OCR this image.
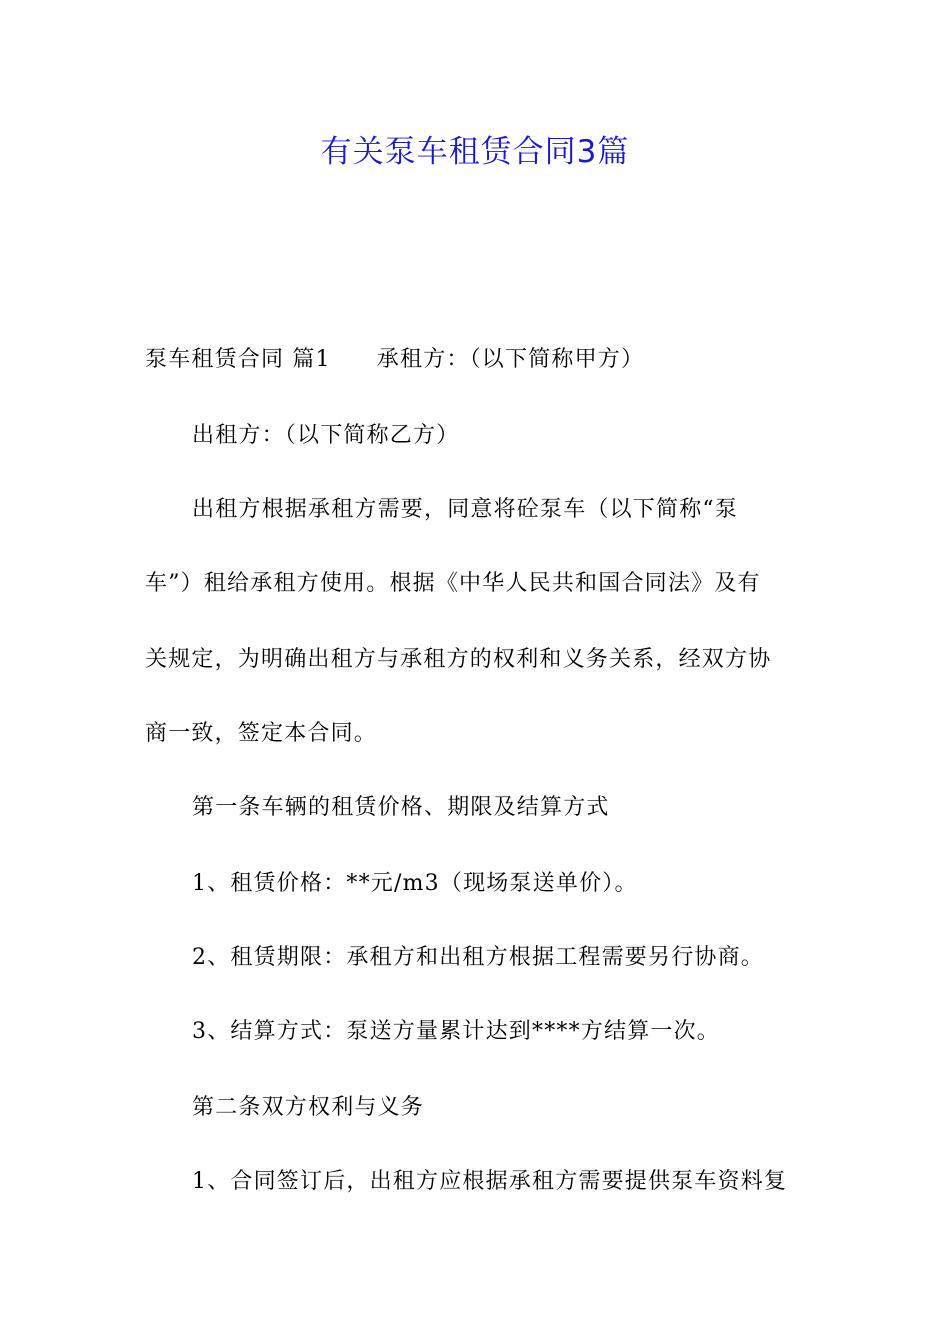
有关泵车租赁合同3篇
泵车租赁合同 篇1 承租方：（以下简称甲方）
出租方：（以下简称乙方）
出租方根据承租方需要，同意将砼泵车（以下简称“泵
车”）租给承租方使用。根据《中华人民共和国合同法》及有
关规定，为明确出租方与承租方的权利和义务关系，经双方协
商一致，签定本合同。
第一条车辆的租赁价格、期限及结算方式
1、租赁价格：**元/m3（现场泵送单价）。
2、租赁期限：承租方和出租方根据工程需要另行协商。
3、结算方式：泵送方量累计达到****方结算一次。
第二条双方权利与义务
1、合同签订后，出租方应根据承租方需要提供泵车资料复
